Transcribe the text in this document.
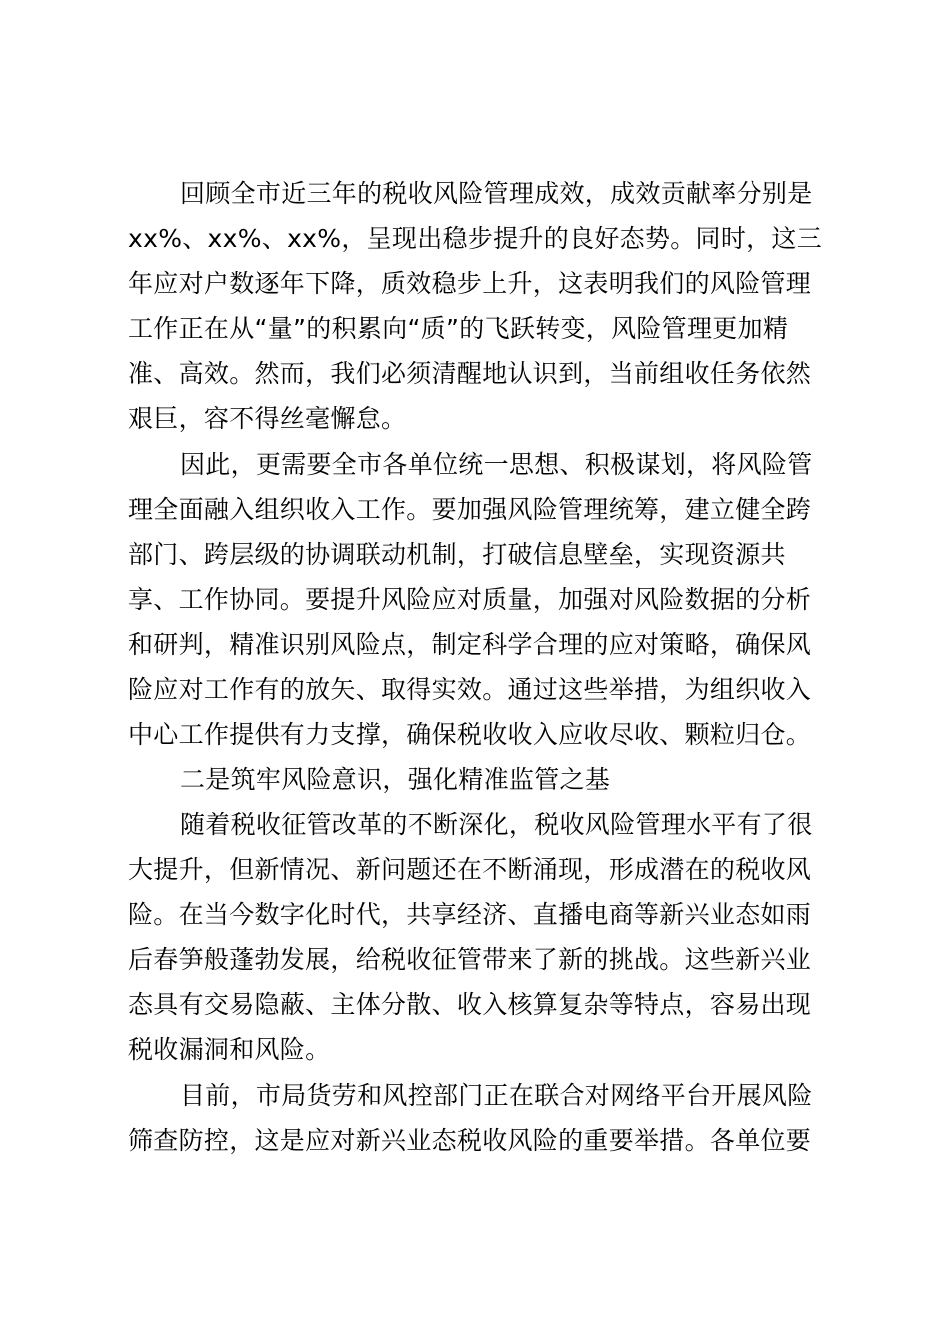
回顾全市近三年的税收风险管理成效，成效贡献率分别是
xx%、xx%、xx%，呈现出稳步提升的良好态势。同时，这三
年应对户数逐年下降，质效稳步上升，这表明我们的风险管理
工作正在从“量”的积累向“质”的飞跃转变，风险管理更加精
准、高效。然而，我们必须清醒地认识到，当前组收任务依然
艰巨，容不得丝毫懈怠。
因此，更需要全市各单位统一思想、积极谋划，将风险管
理全面融入组织收入工作。要加强风险管理统筹，建立健全跨
部门、跨层级的协调联动机制，打破信息壁垒，实现资源共
享、工作协同。要提升风险应对质量，加强对风险数据的分析
和研判，精准识别风险点，制定科学合理的应对策略，确保风
险应对工作有的放矢、取得实效。通过这些举措，为组织收入
中心工作提供有力支撑，确保税收收入应收尽收、颗粒归仓。
二是筑牢风险意识，强化精准监管之基
随着税收征管改革的不断深化，税收风险管理水平有了很
大提升，但新情况、新问题还在不断涌现，形成潜在的税收风
险。在当今数字化时代，共享经济、直播电商等新兴业态如雨
后春笋般蓬勃发展，给税收征管带来了新的挑战。这些新兴业
态具有交易隐蔽、主体分散、收入核算复杂等特点，容易出现
税收漏洞和风险。
目前，市局货劳和风控部门正在联合对网络平台开展风险
筛查防控，这是应对新兴业态税收风险的重要举措。各单位要
